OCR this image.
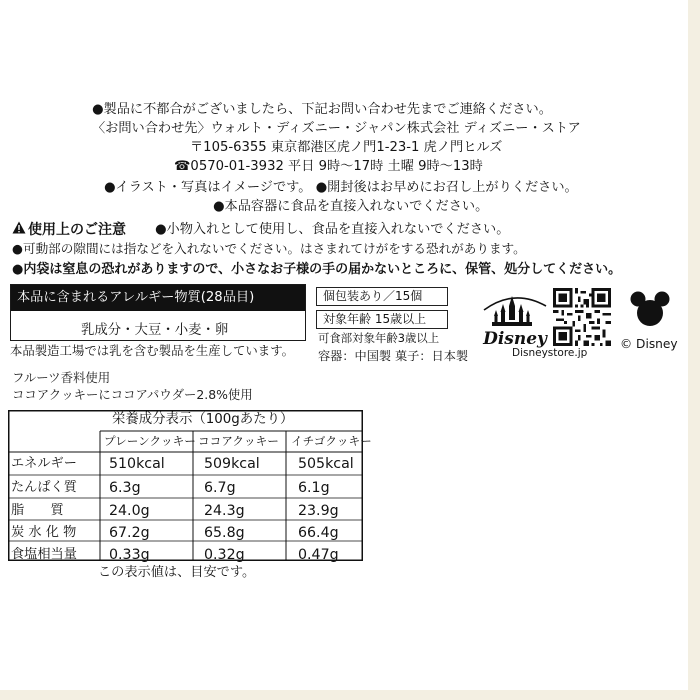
●製品に不都合がございましたら、下記お問い合わせ先までご連絡ください。
〈お問い合わせ先〉ウォルト・ディズニー・ジャパン株式会社 ディズニー・ストア
〒105-6355 東京都港区虎ノ門1-23-1 虎ノ門ヒルズ
☎0570-01-3932 平日 9時〜17時 土曜 9時〜13時
●イラスト・写真はイメージです。 ●開封後はお早めにお召し上がりください。
●本品容器に食品を直接入れないでください。
使用上のご注意 ●小物入れとして使用し、食品を直接入れないでください。
●可動部の隙間には指などを入れないでください。はさまれてけがをする恐れがあります。
●内袋は窒息の恐れがありますので、小さなお子様の手の届かないところに、保管、処分してください。
本品に含まれるアレルギー物質(28品目)
乳成分・大豆・小麦・卵
本品製造工場では乳を含む製品を生産しています。
個包装あり／15個
対象年齢 15歳以上
可食部対象年齢3歳以上
容器：中国製 菓子：日本製
Disney
Disneystore.jp
© Disney
フルーツ香料使用
ココアクッキーにココアパウダー2.8%使用
栄養成分表示（100gあたり）
プレーンクッキー ココアクッキー イチゴクッキー
エネルギー 510kcal	509kcal	505kcal
たんぱく質 6.3g	6.7g	6.1g
脂　　質	24.0g	24.3g	23.9g
炭 水 化 物 67.2g	65.8g	66.4g
食塩相当量 0.33g	0.32g	0.47g
この表示値は、目安です。
